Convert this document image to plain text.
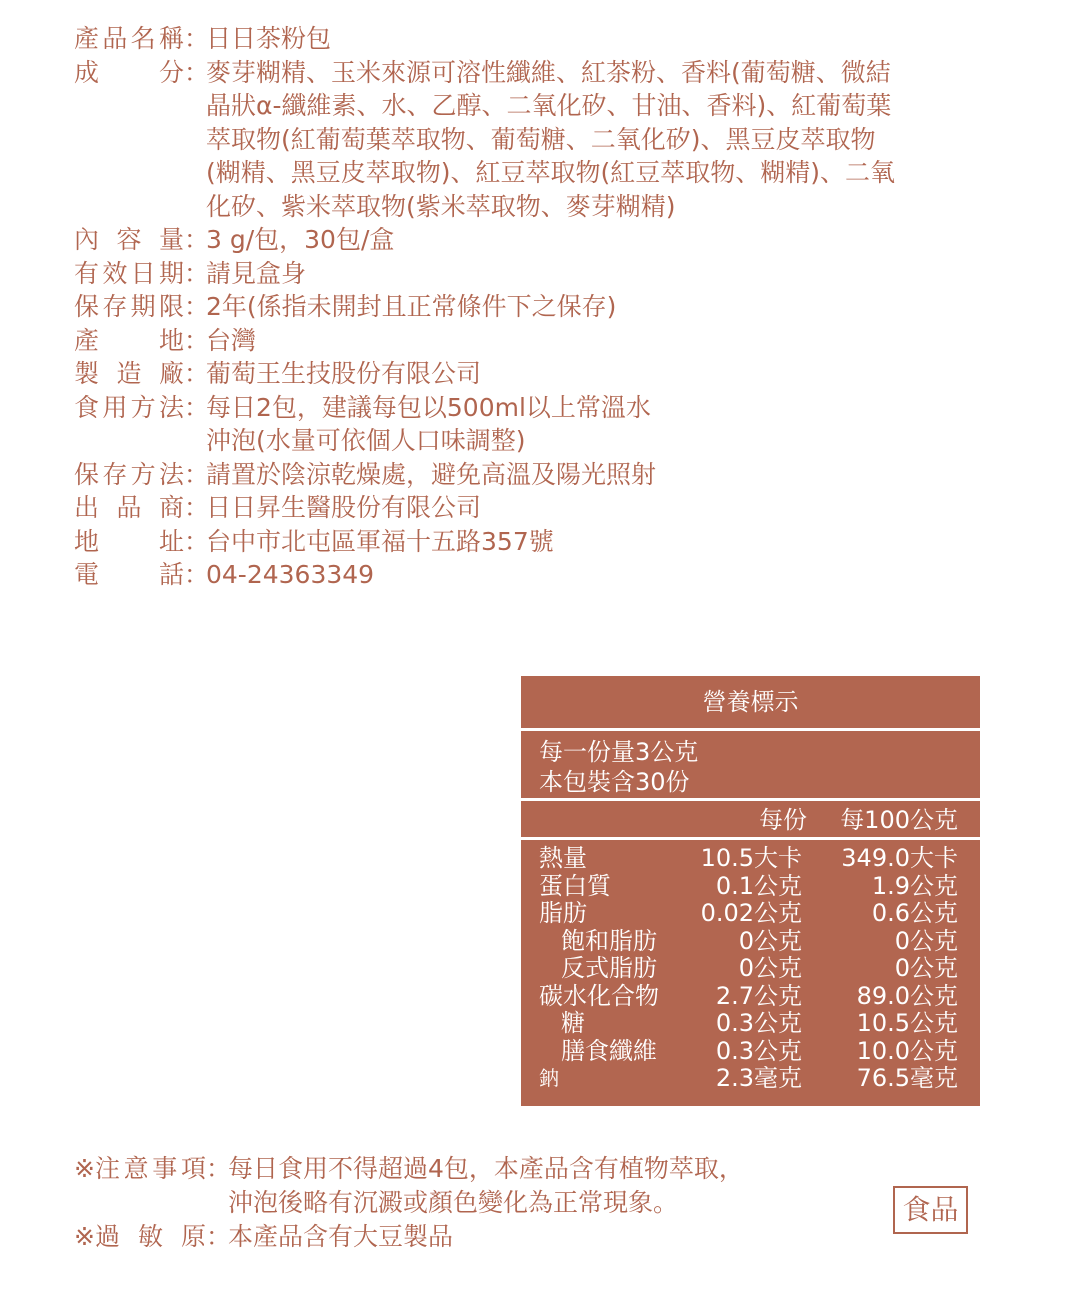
產 品 名 稱 ：
日日茶粉包
成 分 ：
麥芽糊精、玉米來源可溶性纖維、紅茶粉、香料(葡萄糖、微結
晶狀α-纖維素、水、乙醇、二氧化矽、甘油、香料)、紅葡萄葉
萃取物(紅葡萄葉萃取物、葡萄糖、二氧化矽)、黑豆皮萃取物
(糊精、黑豆皮萃取物)、紅豆萃取物(紅豆萃取物、糊精)、二氧
化矽、紫米萃取物(紫米萃取物、麥芽糊精)
內 容 量 ：
3 g/包，30包/盒
有 效 日 期 ：
請見盒身
保 存 期 限 ：
2年(係指未開封且正常條件下之保存)
產 地 ：
台灣
製 造 廠 ：
葡萄王生技股份有限公司
食 用 方 法 ：
每日2包，建議每包以500ml以上常溫水
沖泡(水量可依個人口味調整)
保 存 方 法 ：
請置於陰涼乾燥處，避免高溫及陽光照射
出 品 商 ：
日日昇生醫股份有限公司
地 址 ：
台中市北屯區軍福十五路357號
電 話 ：
04-24363349
營養標示
每一份量3公克
本包裝含30份
每份	每100公克
熱量	10.5大卡 349.0大卡
蛋白質	0.1公克	1.9公克
脂肪	0.02公克	0.6公克
飽和脂肪	0公克	0公克
反式脂肪	0公克	0公克
碳水化合物 2.7公克 89.0公克
糖	0.3公克 10.5公克
膳食纖維 0.3公克 10.0公克
鈉	2.3毫克 76.5毫克
※注 意 事 項 ：
每日食用不得超過4包，本產品含有植物萃取，
沖泡後略有沉澱或顏色變化為正常現象。
※過 敏 原 ：
本產品含有大豆製品
食品
